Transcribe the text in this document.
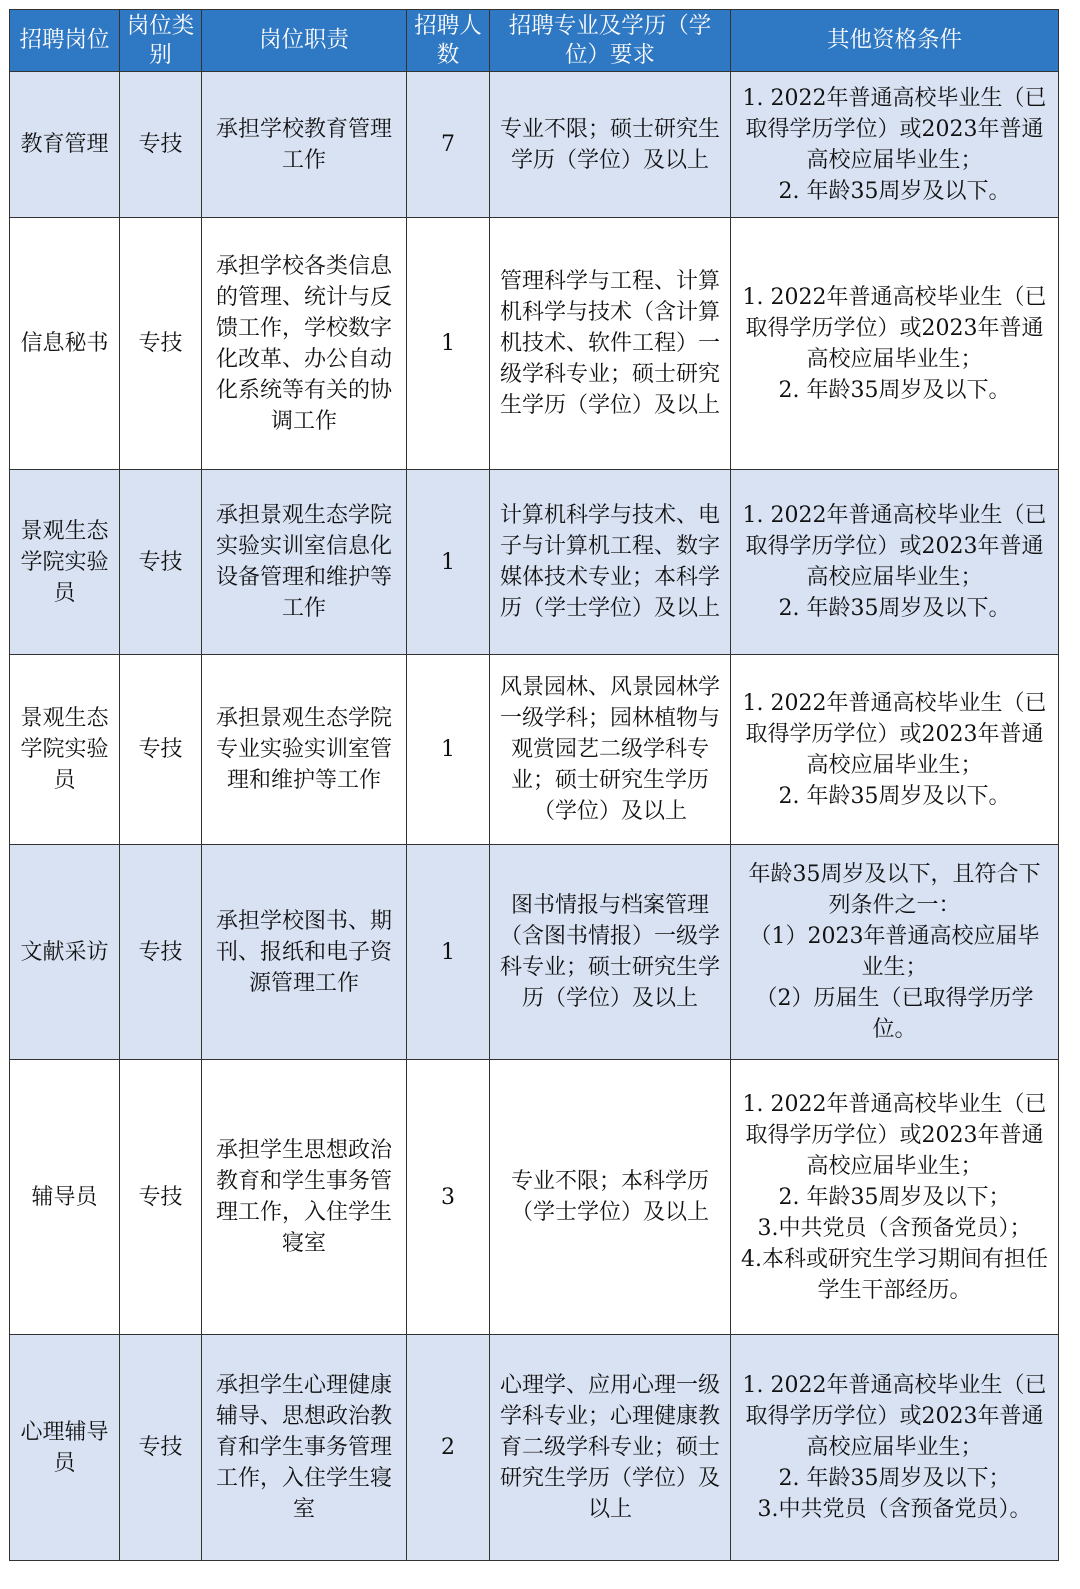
招聘岗位	岗位类别	岗位职责	招聘人数	招聘专业及学历（学位）要求	其他资格条件
教育管理	专技	承担学校教育管理工作	7	专业不限；硕士研究生学历（学位）及以上	1. 2022年普通高校毕业生（已取得学历学位）或2023年普通高校应届毕业生；
2. 年龄35周岁及以下。

信息秘书	专技	承担学校各类信息的管理、统计与反馈工作，学校数字化改革、办公自动化系统等有关的协调工作	1	管理科学与工程、计算机科学与技术（含计算机技术、软件工程）一级学科专业；硕士研究生学历（学位）及以上	1. 2022年普通高校毕业生（已取得学历学位）或2023年普通高校应届毕业生；
2. 年龄35周岁及以下。

景观生态学院实验员	专技	承担景观生态学院实验实训室信息化设备管理和维护等工作	1	计算机科学与技术、电子与计算机工程、数字媒体技术专业；本科学历（学士学位）及以上	1. 2022年普通高校毕业生（已取得学历学位）或2023年普通高校应届毕业生；
2. 年龄35周岁及以下。

景观生态学院实验员	专技	承担景观生态学院专业实验实训室管理和维护等工作	1	风景园林、风景园林学一级学科；园林植物与观赏园艺二级学科专业；硕士研究生学历（学位）及以上	1. 2022年普通高校毕业生（已取得学历学位）或2023年普通高校应届毕业生；
2. 年龄35周岁及以下。

文献采访	专技	承担学校图书、期刊、报纸和电子资源管理工作	1	图书情报与档案管理（含图书情报）一级学科专业；硕士研究生学历（学位）及以上	年龄35周岁及以下，且符合下列条件之一：
（1）2023年普通高校应届毕业生；
（2）历届生（已取得学历学位。

辅导员	专技	承担学生思想政治教育和学生事务管理工作，入住学生寝室	3	专业不限；本科学历（学士学位）及以上	1. 2022年普通高校毕业生（已取得学历学位）或2023年普通高校应届毕业生；
2. 年龄35周岁及以下；
3.中共党员（含预备党员）；
4.本科或研究生学习期间有担任学生干部经历。

心理辅导员	专技	承担学生心理健康辅导、思想政治教育和学生事务管理工作，入住学生寝室	2	心理学、应用心理一级学科专业；心理健康教育二级学科专业；硕士研究生学历（学位）及以上	1. 2022年普通高校毕业生（已取得学历学位）或2023年普通高校应届毕业生；
2. 年龄35周岁及以下；
3.中共党员（含预备党员）。
